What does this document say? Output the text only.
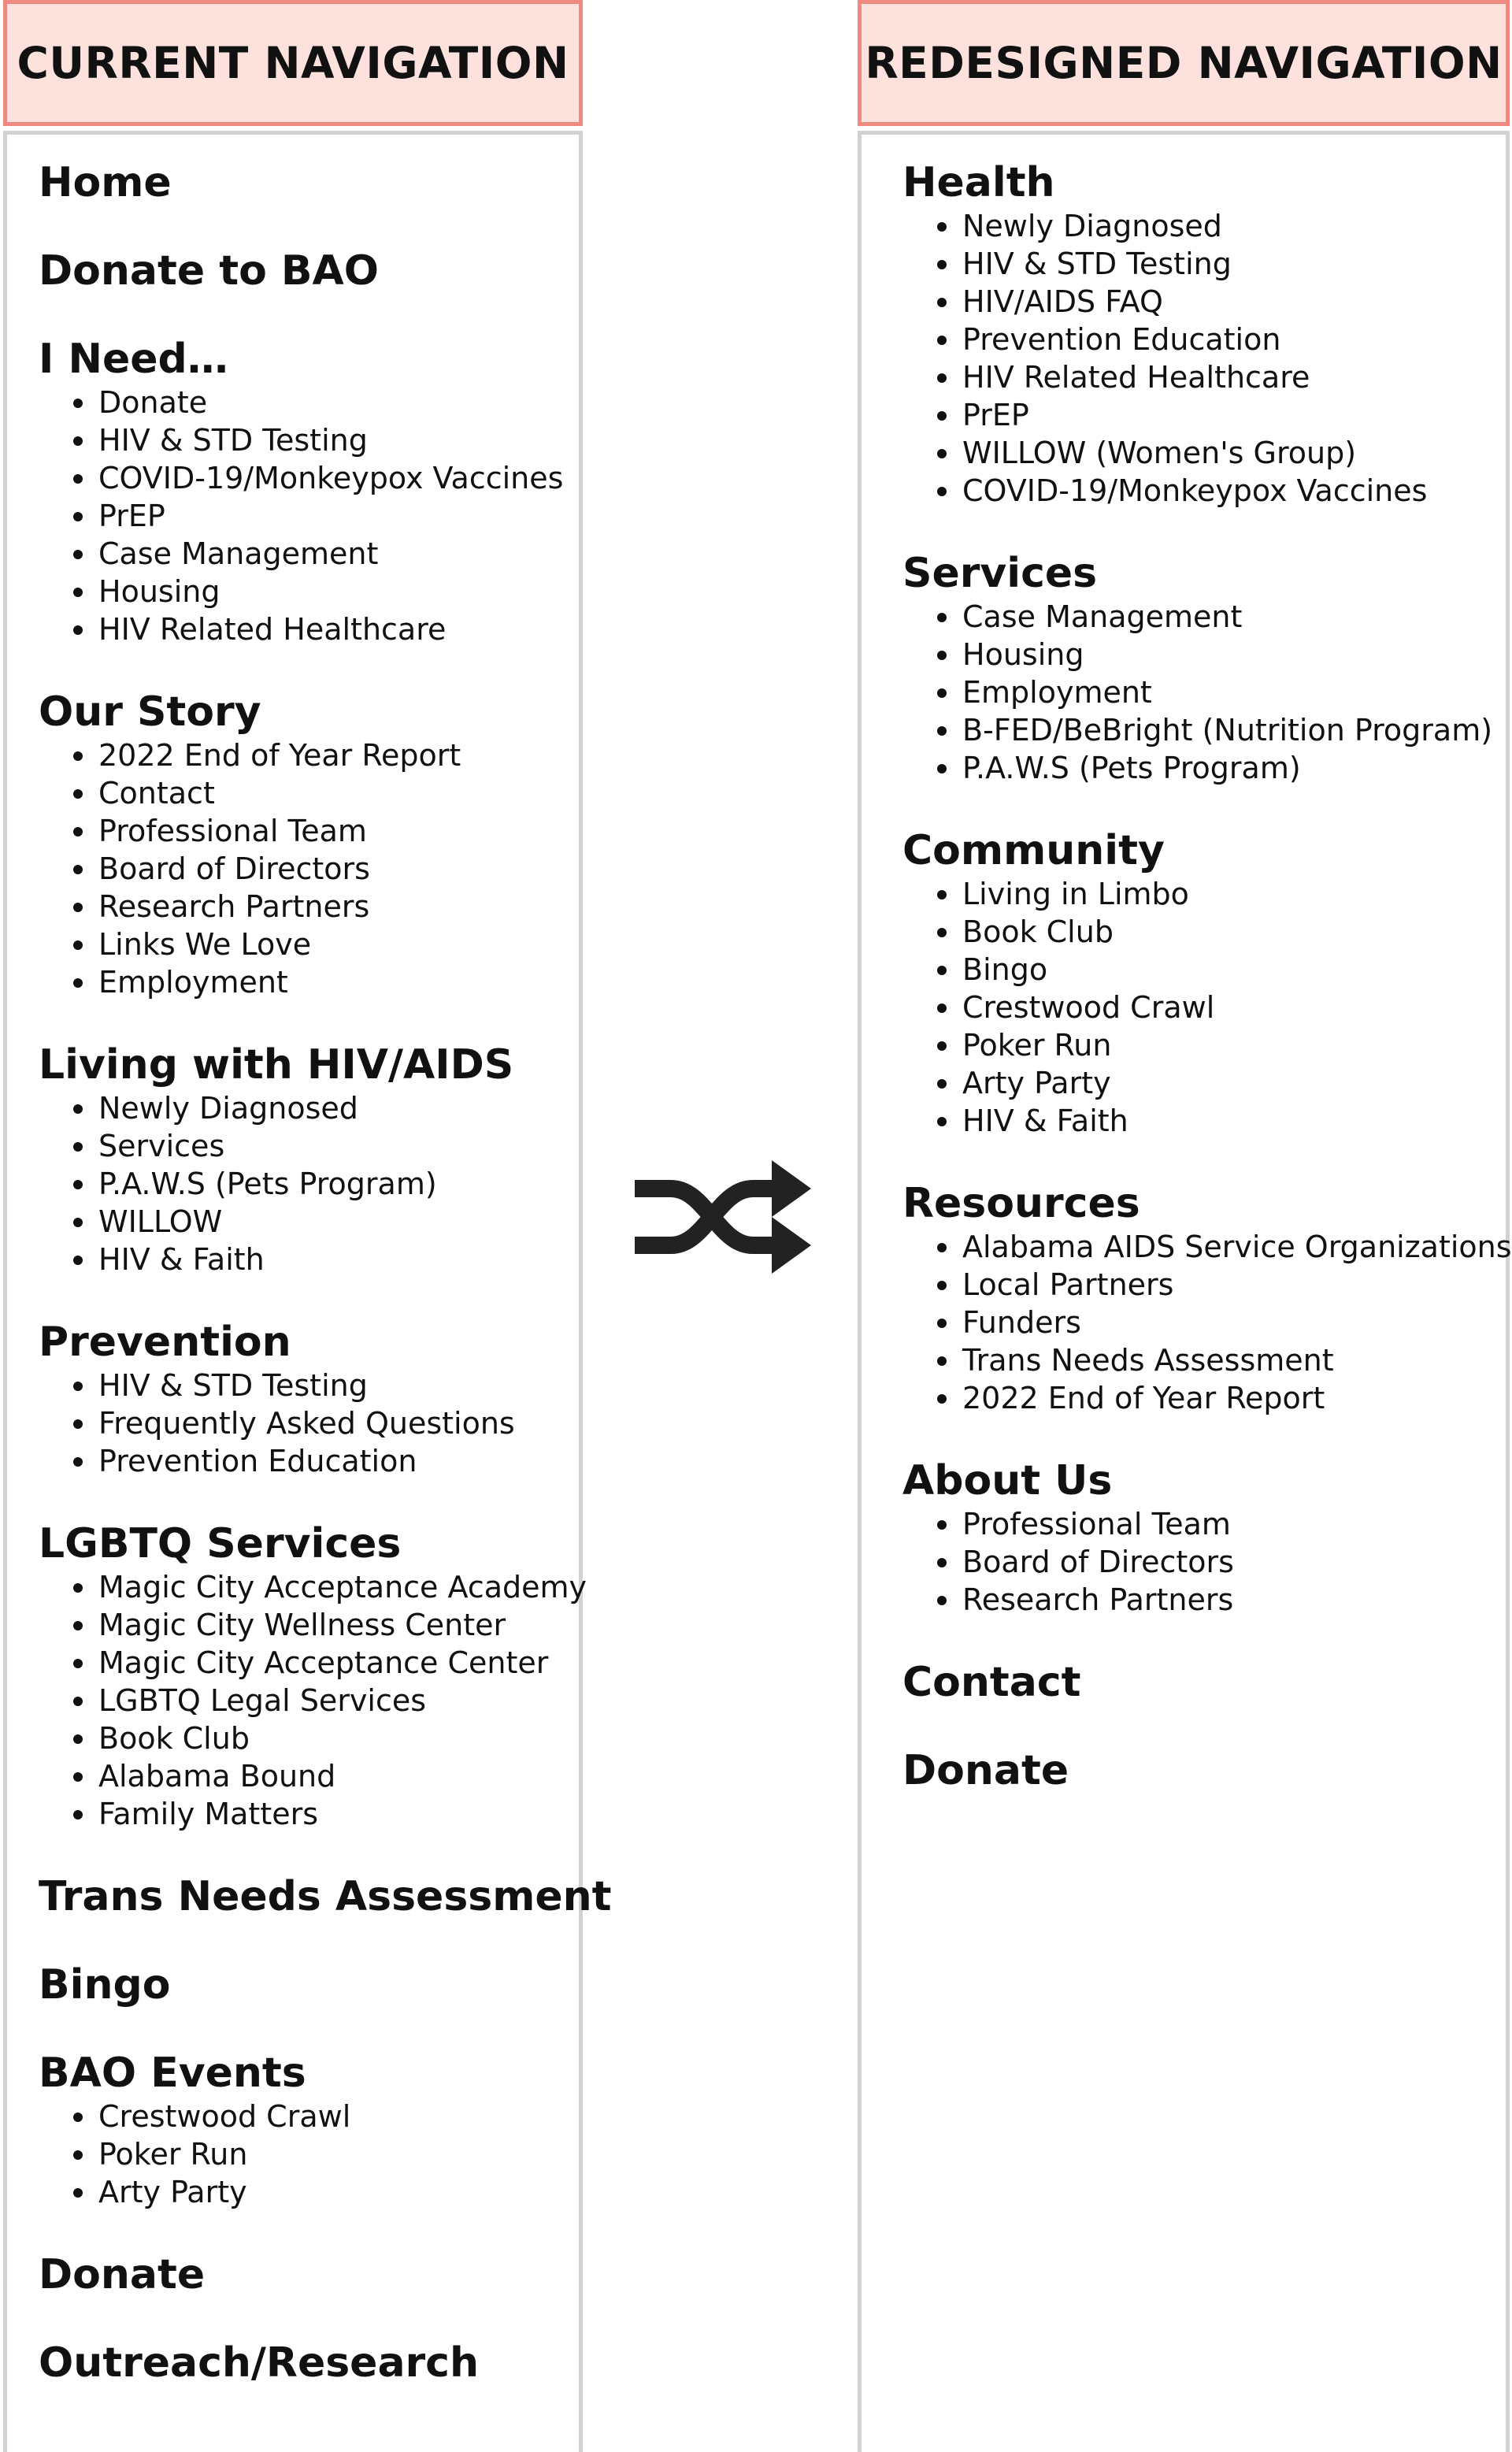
CURRENT NAVIGATION
Home
Donate to BAO
I Need…
Donate
HIV & STD Testing
COVID-19/Monkeypox Vaccines
PrEP
Case Management
Housing
HIV Related Healthcare
Our Story
2022 End of Year Report
Contact
Professional Team
Board of Directors
Research Partners
Links We Love
Employment
Living with HIV/AIDS
Newly Diagnosed
Services
P.A.W.S (Pets Program)
WILLOW
HIV & Faith
Prevention
HIV & STD Testing
Frequently Asked Questions
Prevention Education
LGBTQ Services
Magic City Acceptance Academy
Magic City Wellness Center
Magic City Acceptance Center
LGBTQ Legal Services
Book Club
Alabama Bound
Family Matters
Trans Needs Assessment
Bingo
BAO Events
Crestwood Crawl
Poker Run
Arty Party
Donate
Outreach/Research
REDESIGNED NAVIGATION
Health
Newly Diagnosed
HIV & STD Testing
HIV/AIDS FAQ
Prevention Education
HIV Related Healthcare
PrEP
WILLOW (Women's Group)
COVID-19/Monkeypox Vaccines
Services
Case Management
Housing
Employment
B-FED/BeBright (Nutrition Program)
P.A.W.S (Pets Program)
Community
Living in Limbo
Book Club
Bingo
Crestwood Crawl
Poker Run
Arty Party
HIV & Faith
Resources
Alabama AIDS Service Organizations
Local Partners
Funders
Trans Needs Assessment
2022 End of Year Report
About Us
Professional Team
Board of Directors
Research Partners
Contact
Donate
